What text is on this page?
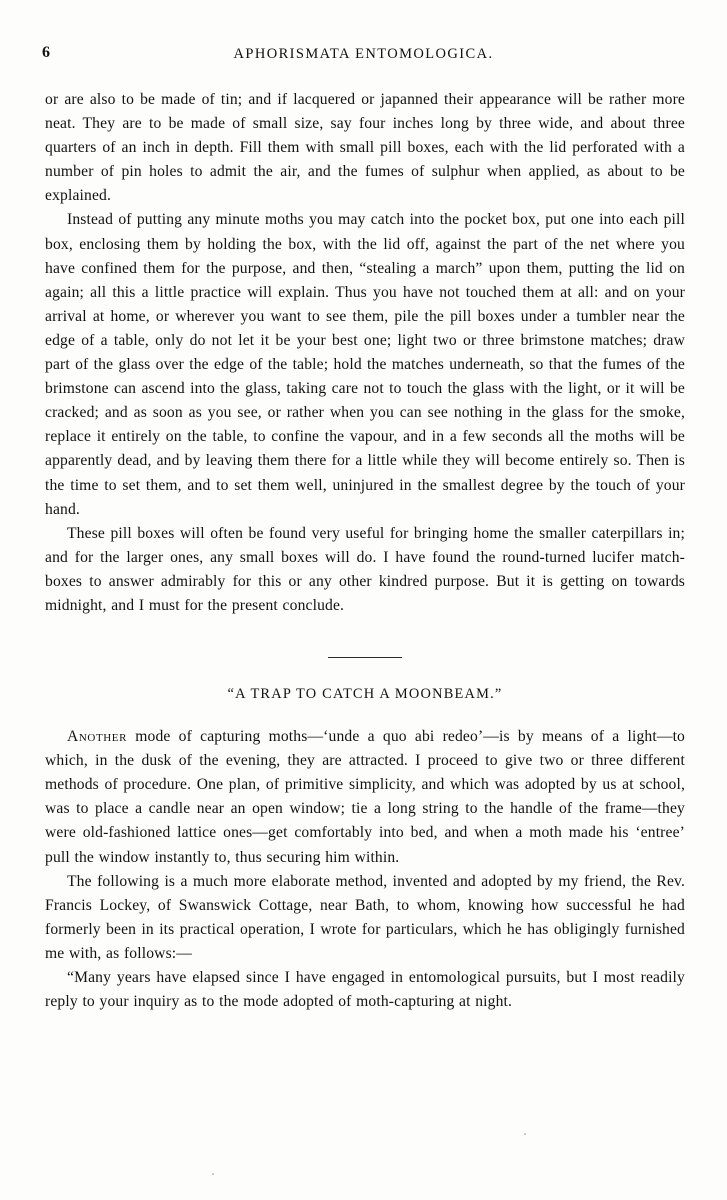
6	APHORISMATA ENTOMOLOGICA.

or are also to be made of tin; and if lacquered or japanned their appearance will be rather more neat. They are to be made of small size, say four inches long by three wide, and about three quarters of an inch in depth. Fill them with small pill boxes, each with the lid perforated with a number of pin holes to admit the air, and the fumes of sulphur when applied, as about to be explained.

Instead of putting any minute moths you may catch into the pocket box, put one into each pill box, enclosing them by holding the box, with the lid off, against the part of the net where you have confined them for the purpose, and then, “stealing a march” upon them, putting the lid on again; all this a little practice will explain. Thus you have not touched them at all: and on your arrival at home, or wherever you want to see them, pile the pill boxes under a tumbler near the edge of a table, only do not let it be your best one; light two or three brimstone matches; draw part of the glass over the edge of the table; hold the matches underneath, so that the fumes of the brimstone can ascend into the glass, taking care not to touch the glass with the light, or it will be cracked; and as soon as you see, or rather when you can see nothing in the glass for the smoke, replace it entirely on the table, to confine the vapour, and in a few seconds all the moths will be apparently dead, and by leaving them there for a little while they will become entirely so. Then is the time to set them, and to set them well, uninjured in the smallest degree by the touch of your hand.

These pill boxes will often be found very useful for bringing home the smaller caterpillars in; and for the larger ones, any small boxes will do. I have found the round-turned lucifer match-boxes to answer admirably for this or any other kindred purpose. But it is getting on towards midnight, and I must for the present conclude.

“A TRAP TO CATCH A MOONBEAM.”

Another mode of capturing moths—‘unde a quo abi redeo’—is by means of a light—to which, in the dusk of the evening, they are attracted. I proceed to give two or three different methods of procedure. One plan, of primitive simplicity, and which was adopted by us at school, was to place a candle near an open window; tie a long string to the handle of the frame—they were old-fashioned lattice ones—get comfortably into bed, and when a moth made his ‘entree’ pull the window instantly to, thus securing him within.

The following is a much more elaborate method, invented and adopted by my friend, the Rev. Francis Lockey, of Swanswick Cottage, near Bath, to whom, knowing how successful he had formerly been in its practical operation, I wrote for particulars, which he has obligingly furnished me with, as follows:—

“Many years have elapsed since I have engaged in entomological pursuits, but I most readily reply to your inquiry as to the mode adopted of moth-capturing at night.
